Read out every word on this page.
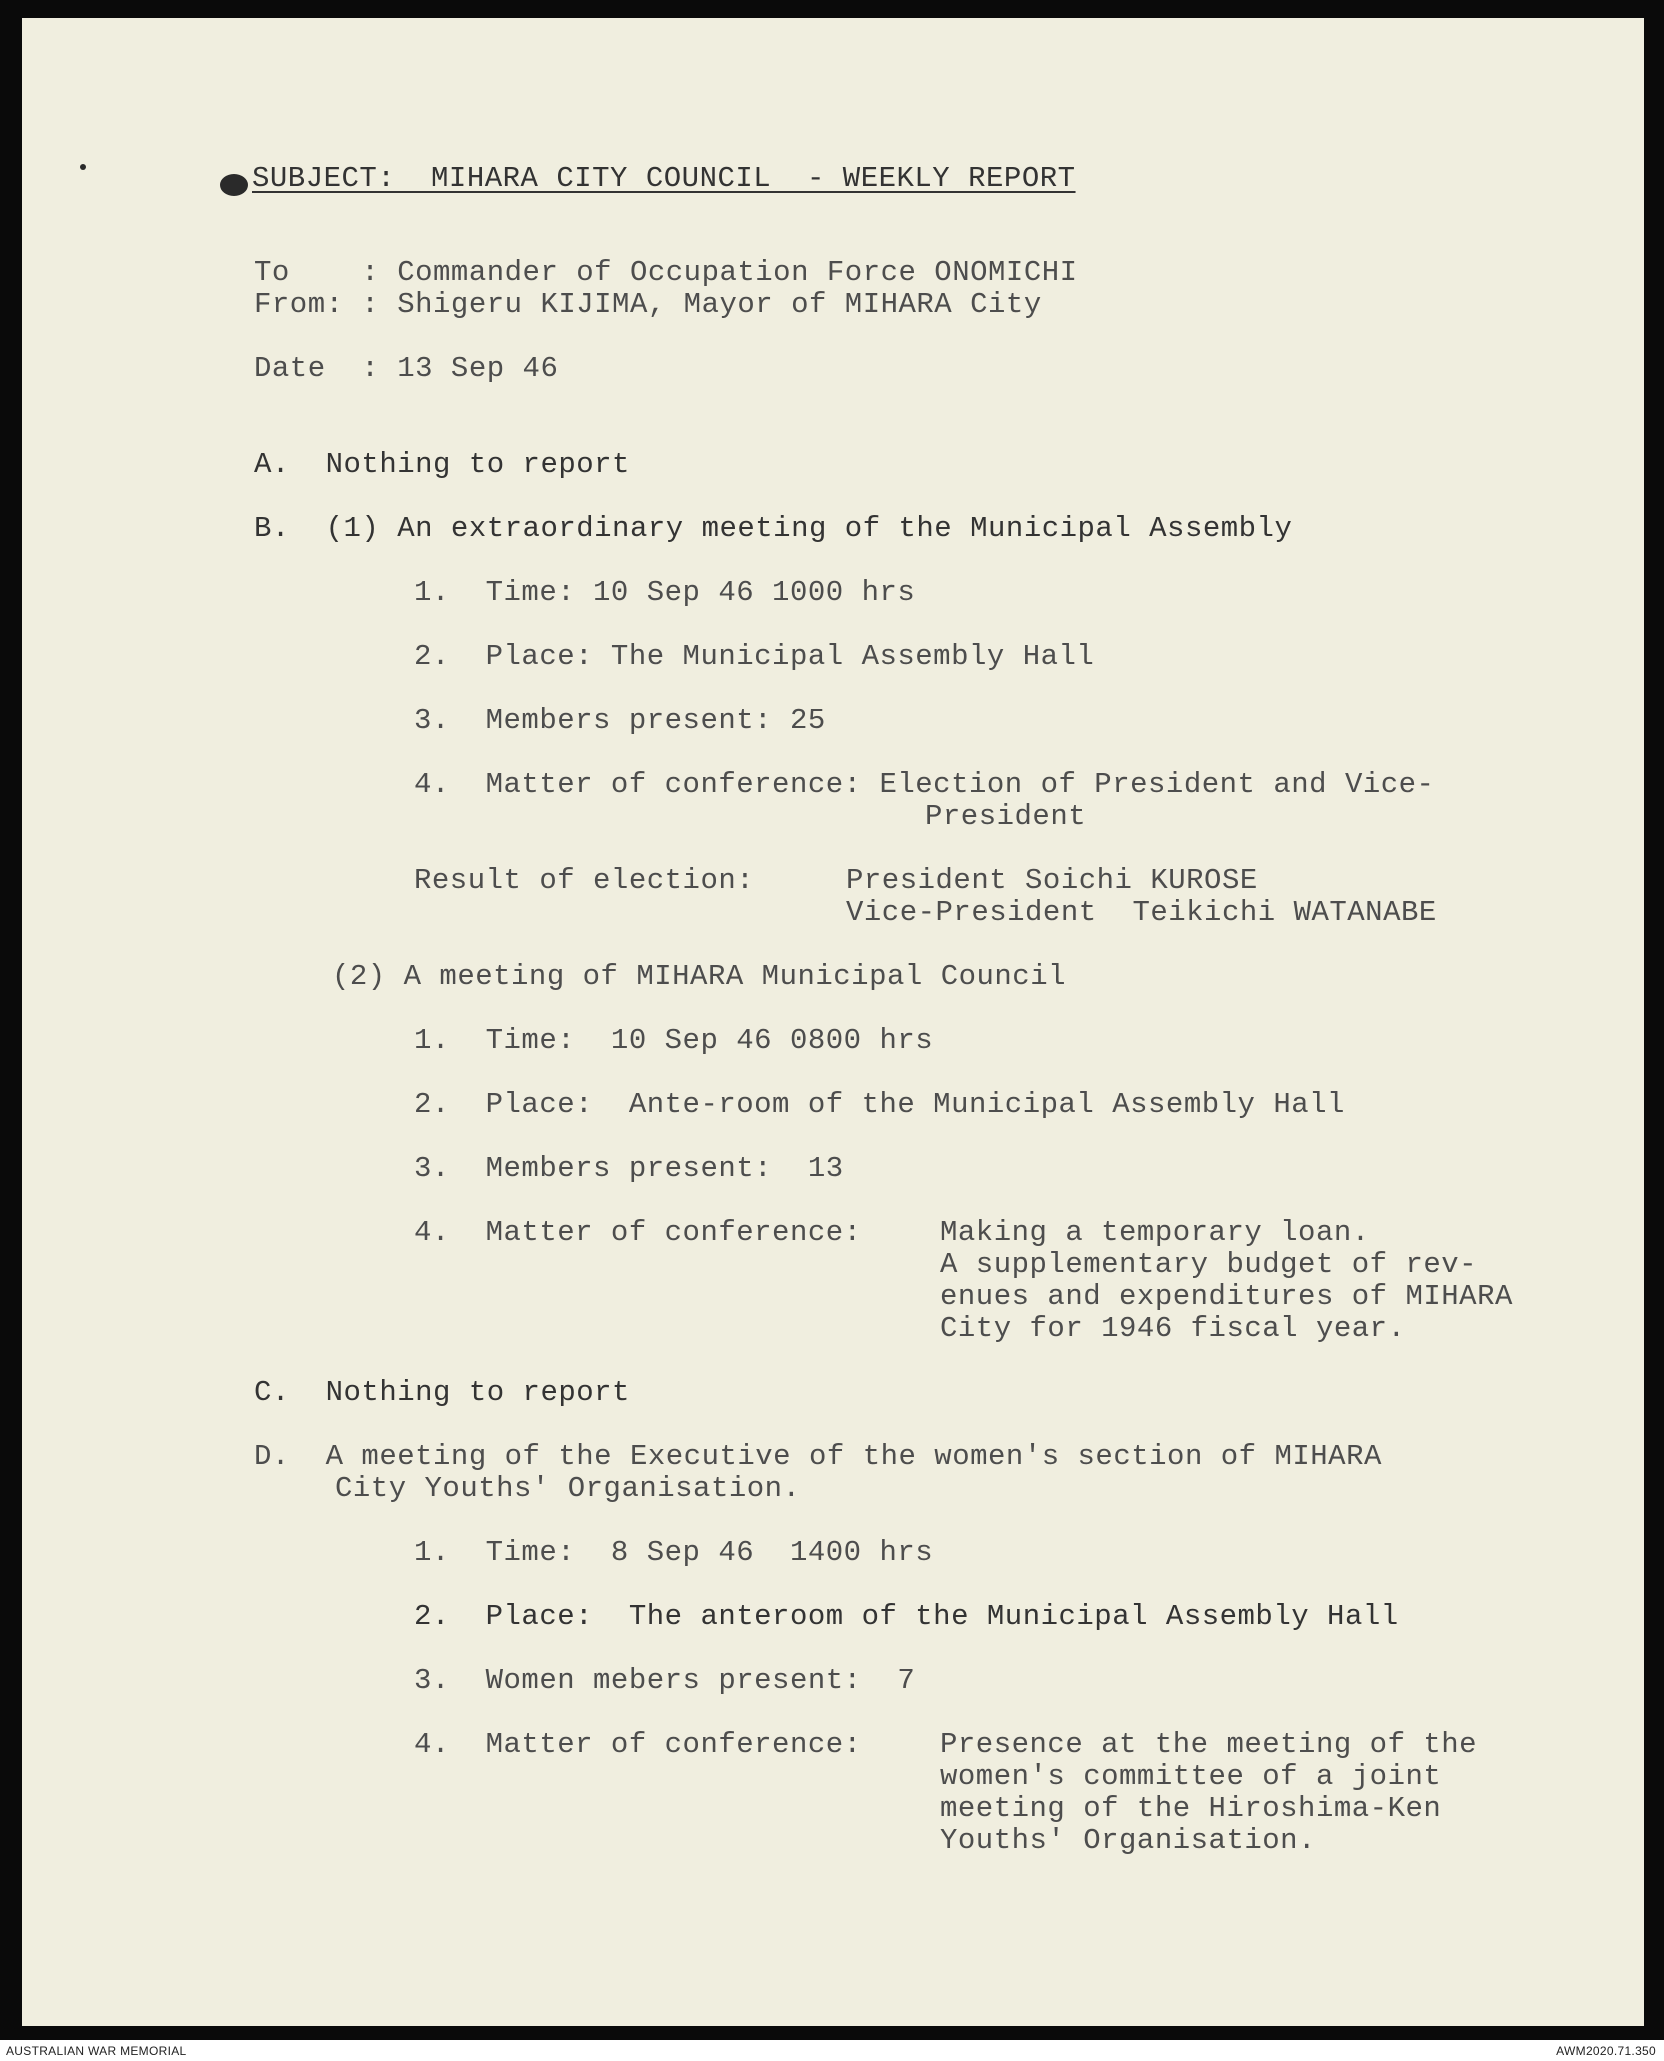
SUBJECT:  MIHARA CITY COUNCIL  - WEEKLY REPORT
To    : Commander of Occupation Force ONOMICHI
From: : Shigeru KIJIMA, Mayor of MIHARA City
Date  : 13 Sep 46
A.  Nothing to report
B.  (1) An extraordinary meeting of the Municipal Assembly
1.  Time: 10 Sep 46 1000 hrs
2.  Place: The Municipal Assembly Hall
3.  Members present: 25
4.  Matter of conference: Election of President and Vice-
President
Result of election:	President Soichi KUROSE
Vice-President  Teikichi WATANABE
(2) A meeting of MIHARA Municipal Council
1.  Time:  10 Sep 46 0800 hrs
2.  Place:  Ante-room of the Municipal Assembly Hall
3.  Members present:  13
4.  Matter of conference:	Making a temporary loan.
A supplementary budget of rev-
enues and expenditures of MIHARA
City for 1946 fiscal year.
C.  Nothing to report
D.  A meeting of the Executive of the women's section of MIHARA
City Youths' Organisation.
1.  Time:  8 Sep 46  1400 hrs
2.  Place:  The anteroom of the Municipal Assembly Hall
3.  Women mebers present:  7
4.  Matter of conference:	Presence at the meeting of the
women's committee of a joint
meeting of the Hiroshima-Ken
Youths' Organisation.
AUSTRALIAN WAR MEMORIAL	AWM2020.71.350
